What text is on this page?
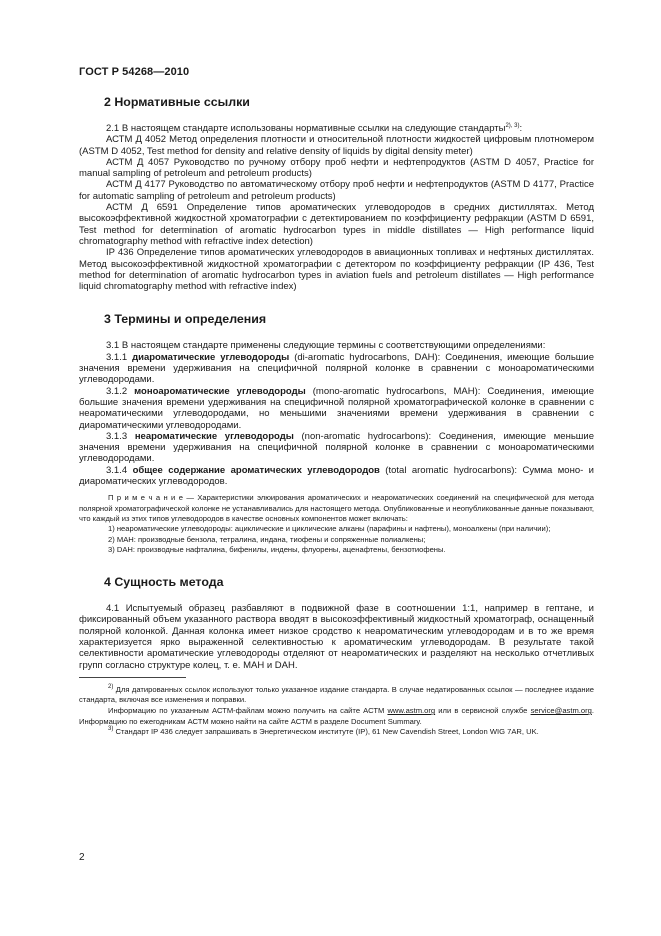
ГОСТ Р 54268—2010
2 Нормативные ссылки

2.1 В настоящем стандарте использованы нормативные ссылки на следующие стандарты$^{2), 3)}$:

АСТМ Д 4052 Метод определения плотности и относительной плотности жидкостей цифровым плотномером (ASTM D 4052, Test method for density and relative density of liquids by digital density meter)

АСТМ Д 4057 Руководство по ручному отбору проб нефти и нефтепродуктов (ASTM D 4057, Practice for manual sampling of petroleum and petroleum products)

АСТМ Д 4177 Руководство по автоматическому отбору проб нефти и нефтепродуктов (ASTM D 4177, Practice for automatic sampling of petroleum and petroleum products)

АСТМ Д 6591 Определение типов ароматических углеводородов в средних дистиллятах. Метод высокоэффективной жидкостной хроматографии с детектированием по коэффициенту рефракции (ASTM D 6591, Test method for determination of aromatic hydrocarbon types in middle distillates — High performance liquid chromatography method with refractive index detection)

IP 436 Определение типов ароматических углеводородов в авиационных топливах и нефтяных дистиллятах. Метод высокоэффективной жидкостной хроматографии с детектором по коэффициенту рефракции (IP 436, Test method for determination of aromatic hydrocarbon types in aviation fuels and petroleum distillates — High performance liquid chromatography method with refractive index)

3 Термины и определения

3.1 В настоящем стандарте применены следующие термины с соответствующими определениями:

3.1.1 диароматические углеводороды (di-aromatic hydrocarbons, DAH): Соединения, имеющие большие значения времени удерживания на специфичной полярной колонке в сравнении с моноароматическими углеводородами.

3.1.2 моноароматические углеводороды (mono-aromatic hydrocarbons, MAH): Соединения, имеющие большие значения времени удерживания на специфичной полярной хроматографической колонке в сравнении с неароматическими углеводородами, но меньшими значениями времени удерживания в сравнении с диароматическими углеводородами.

3.1.3 неароматические углеводороды (non-aromatic hydrocarbons): Соединения, имеющие меньшие значения времени удерживания на специфичной полярной колонке в сравнении с моноароматическими углеводородами.

3.1.4 общее содержание ароматических углеводородов (total aromatic hydrocarbons): Сумма моно- и диароматических углеводородов.

П р и м е ч а н и е — Характеристики элюирования ароматических и неароматических соединений на специфической для метода полярной хроматографической колонке не устанавливались для настоящего метода. Опубликованные и неопубликованные данные показывают, что каждый из этих типов углеводородов в качестве основных компонентов может включать:

1) неароматические углеводороды: ациклические и циклические алканы (парафины и нафтены), моноалкены (при наличии);

2) MAH: производные бензола, тетралина, индана, тиофены и сопряженные полиалкены;

3) DAH: производные нафталина, бифенилы, индены, флуорены, аценафтены, бензотиофены.

4 Сущность метода

4.1 Испытуемый образец разбавляют в подвижной фазе в соотношении 1:1, например в гептане, и фиксированный объем указанного раствора вводят в высокоэффективный жидкостный хроматограф, оснащенный полярной колонкой. Данная колонка имеет низкое сродство к неароматическим углеводородам и в то же время характеризуется ярко выраженной селективностью к ароматическим углеводородам. В результате такой селективности ароматические углеводороды отделяют от неароматических и разделяют на несколько отчетливых групп согласно структуре колец, т. е. MAH и DAH.

$^{2)}$ Для датированных ссылок используют только указанное издание стандарта. В случае недатированных ссылок — последнее издание стандарта, включая все изменения и поправки.

Информацию по указанным АСТМ-файлам можно получить на сайте АСТМ www.astm.org или в сервисной службе service@astm.org. Информацию по ежегодникам АСТМ можно найти на сайте АСТМ в разделе Document Summary.

$^{3)}$ Стандарт IP 436 следует запрашивать в Энергетическом институте (IP), 61 New Cavendish Street, London WIG 7AR, UK.

2
